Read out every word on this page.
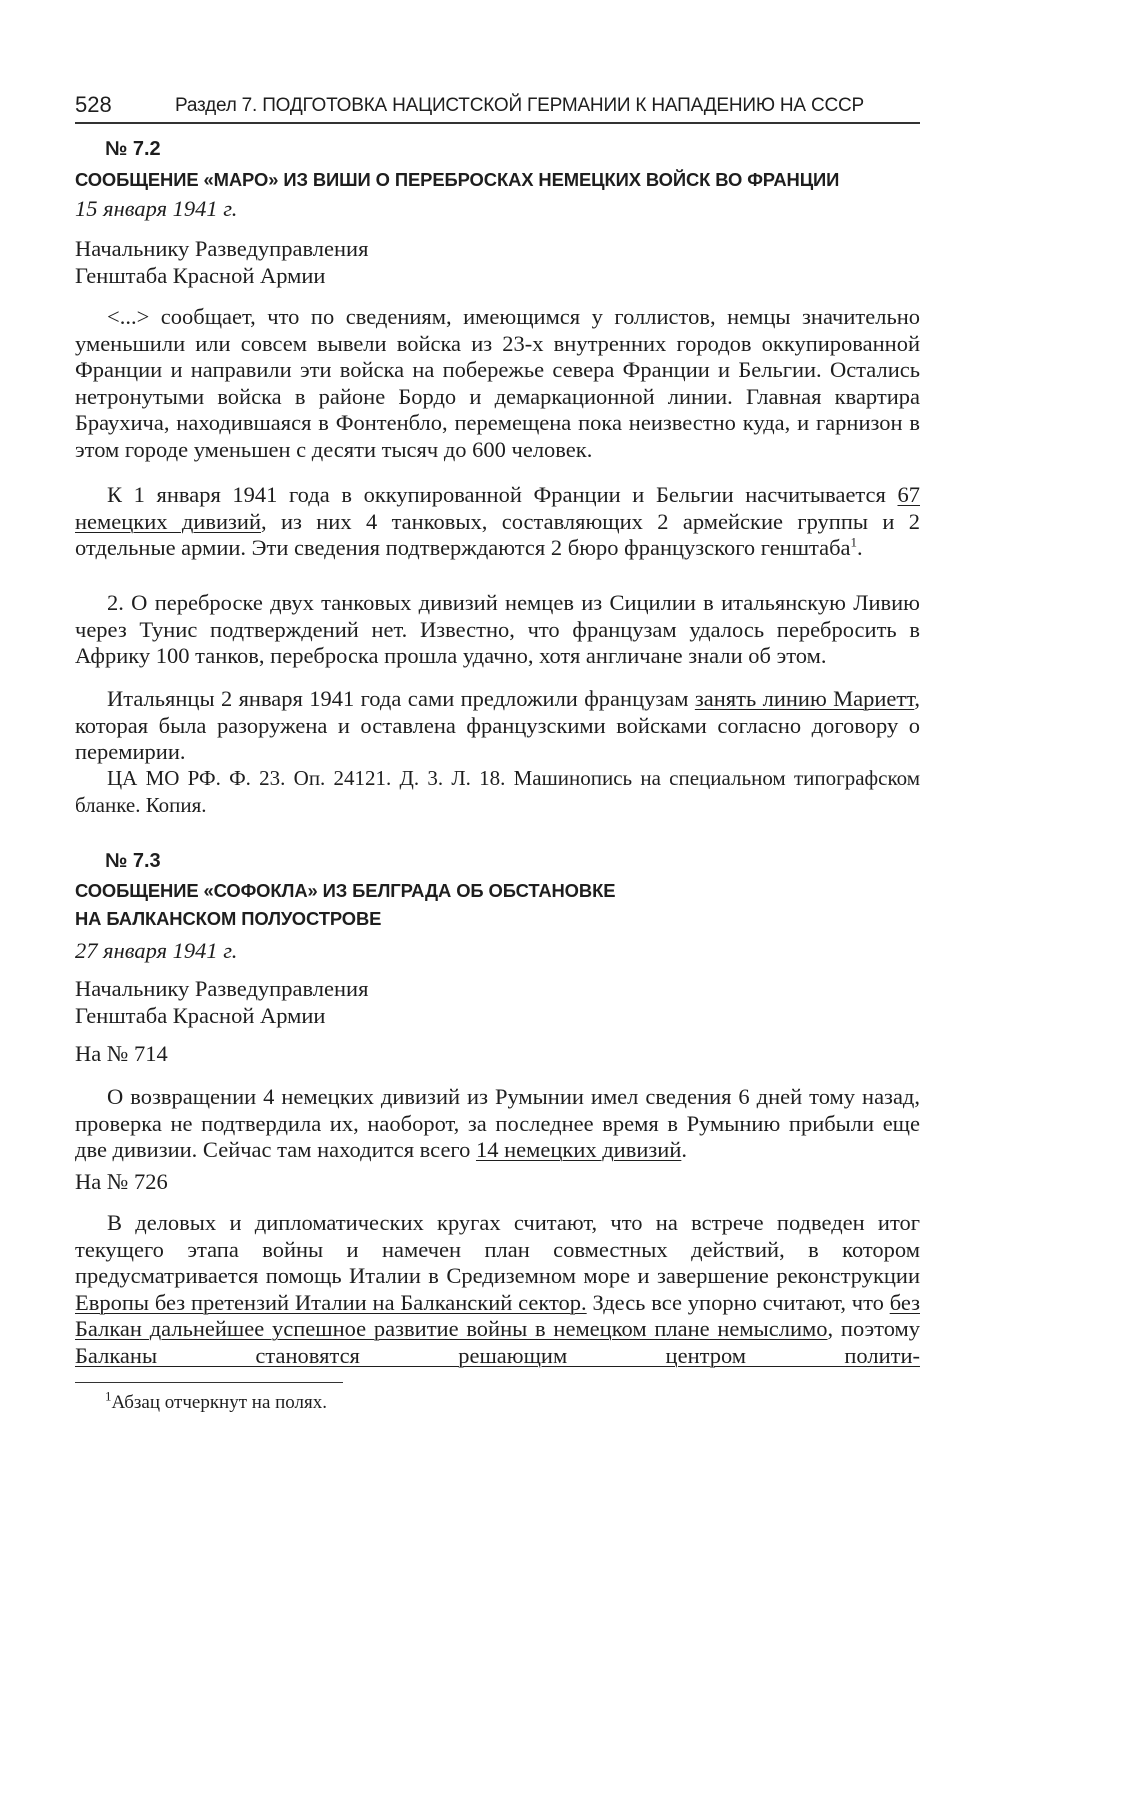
528	Раздел 7. ПОДГОТОВКА НАЦИСТСКОЙ ГЕРМАНИИ К НАПАДЕНИЮ НА СССР
№ 7.2
СООБЩЕНИЕ «МАРО» ИЗ ВИШИ О ПЕРЕБРОСКАХ НЕМЕЦКИХ ВОЙСК ВО ФРАНЦИИ
15 января 1941 г.
Начальнику Разведуправления
Генштаба Красной Армии

<...> сообщает, что по сведениям, имеющимся у голлистов, немцы значительно уменьшили или совсем вывели войска из 23-х внутренних городов оккупированной Франции и направили эти войска на побережье севера Франции и Бельгии. Остались нетронутыми войска в районе Бордо и демаркационной линии. Главная квартира Браухича, находившаяся в Фонтенбло, перемещена пока неизвестно куда, и гарнизон в этом городе уменьшен с десяти тысяч до 600 человек.

К 1 января 1941 года в оккупированной Франции и Бельгии насчитывается 67 немецких дивизий, из них 4 танковых, составляющих 2 армейские группы и 2 отдельные армии. Эти сведения подтверждаются 2 бюро французского генштаба$^1$.

2. О переброске двух танковых дивизий немцев из Сицилии в итальянскую Ливию через Тунис подтверждений нет. Известно, что французам удалось перебросить в Африку 100 танков, переброска прошла удачно, хотя англичане знали об этом.

Итальянцы 2 января 1941 года сами предложили французам занять линию Мариетт, которая была разоружена и оставлена французскими войсками согласно договору о перемирии.

ЦА МО РФ. Ф. 23. Оп. 24121. Д. 3. Л. 18. Машинопись на специальном типографском бланке. Копия.

№ 7.3
СООБЩЕНИЕ «СОФОКЛА» ИЗ БЕЛГРАДА ОБ ОБСТАНОВКЕ
НА БАЛКАНСКОМ ПОЛУОСТРОВЕ
27 января 1941 г.
Начальнику Разведуправления
Генштаба Красной Армии
На № 714

О возвращении 4 немецких дивизий из Румынии имел сведения 6 дней тому назад, проверка не подтвердила их, наоборот, за последнее время в Румынию прибыли еще две дивизии. Сейчас там находится всего 14 немецких дивизий.

На № 726

В деловых и дипломатических кругах считают, что на встрече подведен итог текущего этапа войны и намечен план совместных действий, в котором предусматривается помощь Италии в Средиземном море и завершение реконструкции Европы без претензий Италии на Балканский сектор. Здесь все упорно считают, что без Балкан дальнейшее успешное развитие войны в немецком плане немыслимо, поэтому Балканы становятся решающим центром полити-

$^1$Абзац отчеркнут на полях.
